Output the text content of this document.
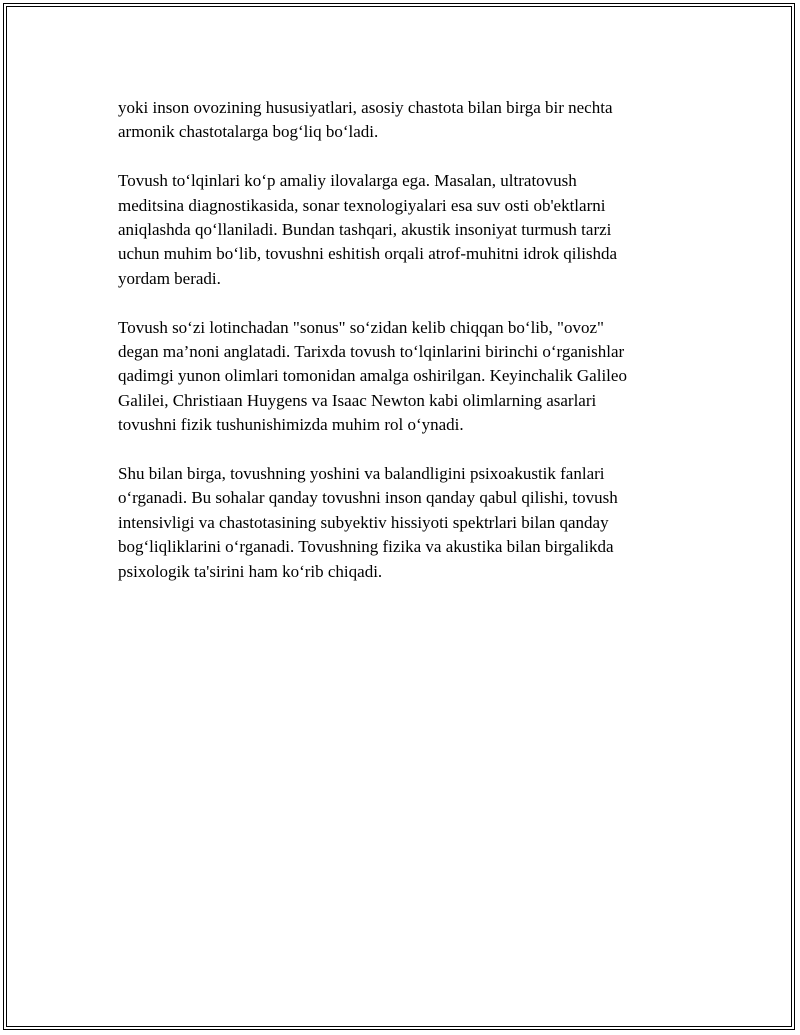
yoki inson ovozining hususiyatlari, asosiy chastota bilan birga bir nechta
armonik chastotalarga bog‘liq bo‘ladi.

Tovush to‘lqinlari ko‘p amaliy ilovalarga ega. Masalan, ultratovush
meditsina diagnostikasida, sonar texnologiyalari esa suv osti ob'ektlarni
aniqlashda qo‘llaniladi. Bundan tashqari, akustik insoniyat turmush tarzi
uchun muhim bo‘lib, tovushni eshitish orqali atrof-muhitni idrok qilishda
yordam beradi.

Tovush so‘zi lotinchadan "sonus" so‘zidan kelib chiqqan bo‘lib, "ovoz"
degan ma’noni anglatadi. Tarixda tovush to‘lqinlarini birinchi o‘rganishlar
qadimgi yunon olimlari tomonidan amalga oshirilgan. Keyinchalik Galileo
Galilei, Christiaan Huygens va Isaac Newton kabi olimlarning asarlari
tovushni fizik tushunishimizda muhim rol o‘ynadi.

Shu bilan birga, tovushning yoshini va balandligini psixoakustik fanlari
o‘rganadi. Bu sohalar qanday tovushni inson qanday qabul qilishi, tovush
intensivligi va chastotasining subyektiv hissiyoti spektrlari bilan qanday
bog‘liqliklarini o‘rganadi. Tovushning fizika va akustika bilan birgalikda
psixologik ta'sirini ham ko‘rib chiqadi.
